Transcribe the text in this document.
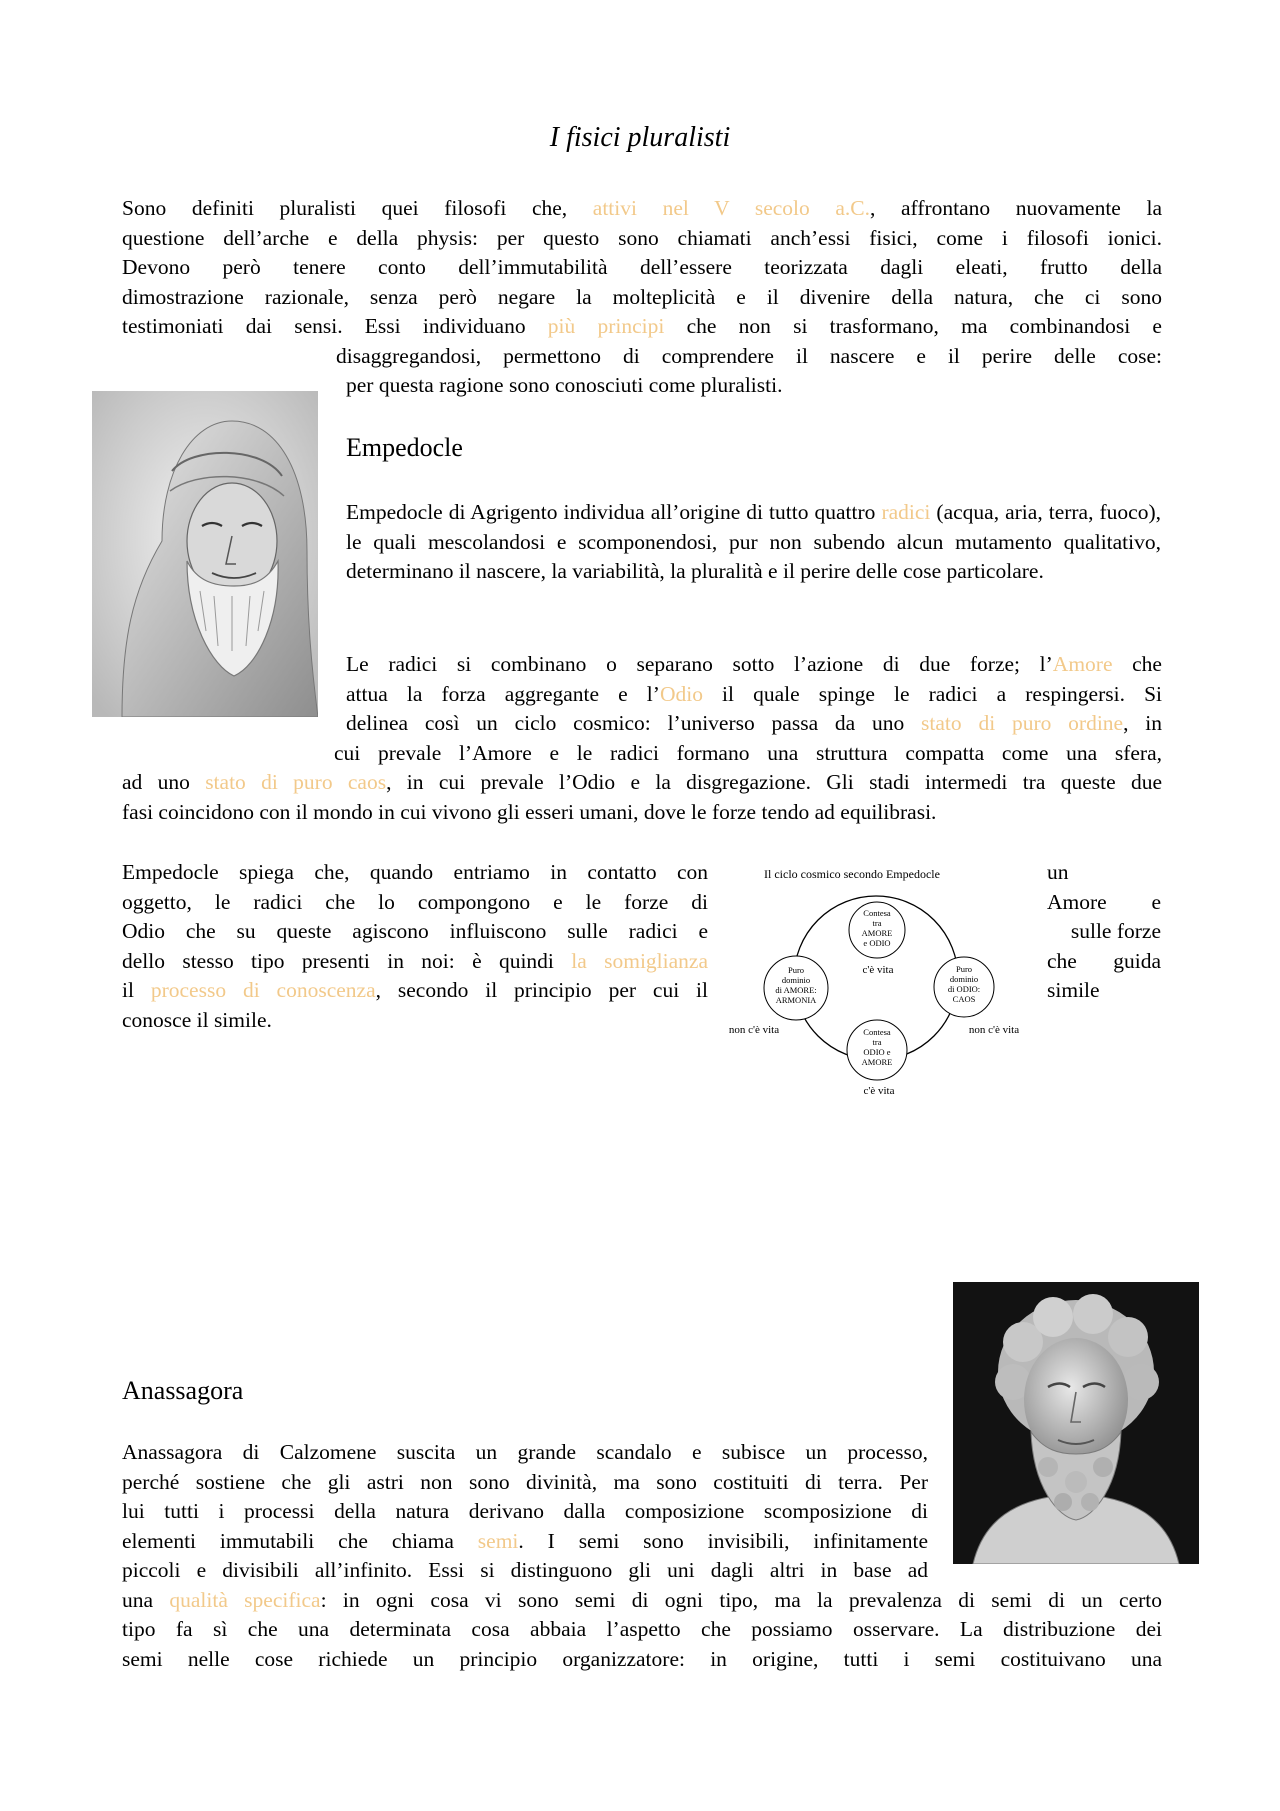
I fisici pluralisti
Sono definiti pluralisti quei filosofi che, attivi nel V secolo a.C., affrontano nuovamente la
questione dell’arche e della physis: per questo sono chiamati anch’essi fisici, come i filosofi ionici.
Devono però tenere conto dell’immutabilità dell’essere teorizzata dagli eleati, frutto della
dimostrazione razionale, senza però negare la molteplicità e il divenire della natura, che ci sono
testimoniati dai sensi. Essi individuano più principi che non si trasformano, ma combinandosi e
disaggregandosi, permettono di comprendere il nascere e il perire delle cose:
per questa ragione sono conosciuti come pluralisti.
Empedocle
Empedocle di Agrigento individua all’origine di tutto quattro radici (acqua, aria, terra, fuoco), le quali mescolandosi e scomponendosi, pur non subendo alcun mutamento qualitativo, determinano il nascere, la variabilità, la pluralità e il perire delle cose particolare.
Le radici si combinano o separano sotto l’azione di due forze; l’Amore che
attua la forza aggregante e l’Odio il quale spinge le radici a respingersi. Si
delinea così un ciclo cosmico: l’universo passa da uno stato di puro ordine, in
cui prevale l’Amore e le radici formano una struttura compatta come una sfera,
ad uno stato di puro caos, in cui prevale l’Odio e la disgregazione. Gli stadi intermedi tra queste due
fasi coincidono con il mondo in cui vivono gli esseri umani, dove le forze tendo ad equilibrasi.
Empedocle spiega che, quando entriamo in contatto con
oggetto, le radici che lo compongono e le forze di
Odio che su queste agiscono influiscono sulle radici e
dello stesso tipo presenti in noi: è quindi la somiglianza
il processo di conoscenza, secondo il principio per cui il
conosce il simile.
un
Amore e
sulle forze
che guida
simile
Il ciclo cosmico secondo Empedocle
Contesa
tra
AMORE
e ODIO
Puro
dominio
di AMORE:
ARMONIA
Puro
dominio
di ODIO:
CAOS
Contesa
tra
ODIO e
AMORE
c'è vita
c'è vita
non c'è vita	non c'è vita
Anassagora
Anassagora di Calzomene suscita un grande scandalo e subisce un processo,
perché sostiene che gli astri non sono divinità, ma sono costituiti di terra. Per
lui tutti i processi della natura derivano dalla composizione scomposizione di
elementi immutabili che chiama semi. I semi sono invisibili, infinitamente
piccoli e divisibili all’infinito. Essi si distinguono gli uni dagli altri in base ad
una qualità specifica: in ogni cosa vi sono semi di ogni tipo, ma la prevalenza di semi di un certo
tipo fa sì che una determinata cosa abbaia l’aspetto che possiamo osservare. La distribuzione dei
semi nelle cose richiede un principio organizzatore: in origine, tutti i semi costituivano una
